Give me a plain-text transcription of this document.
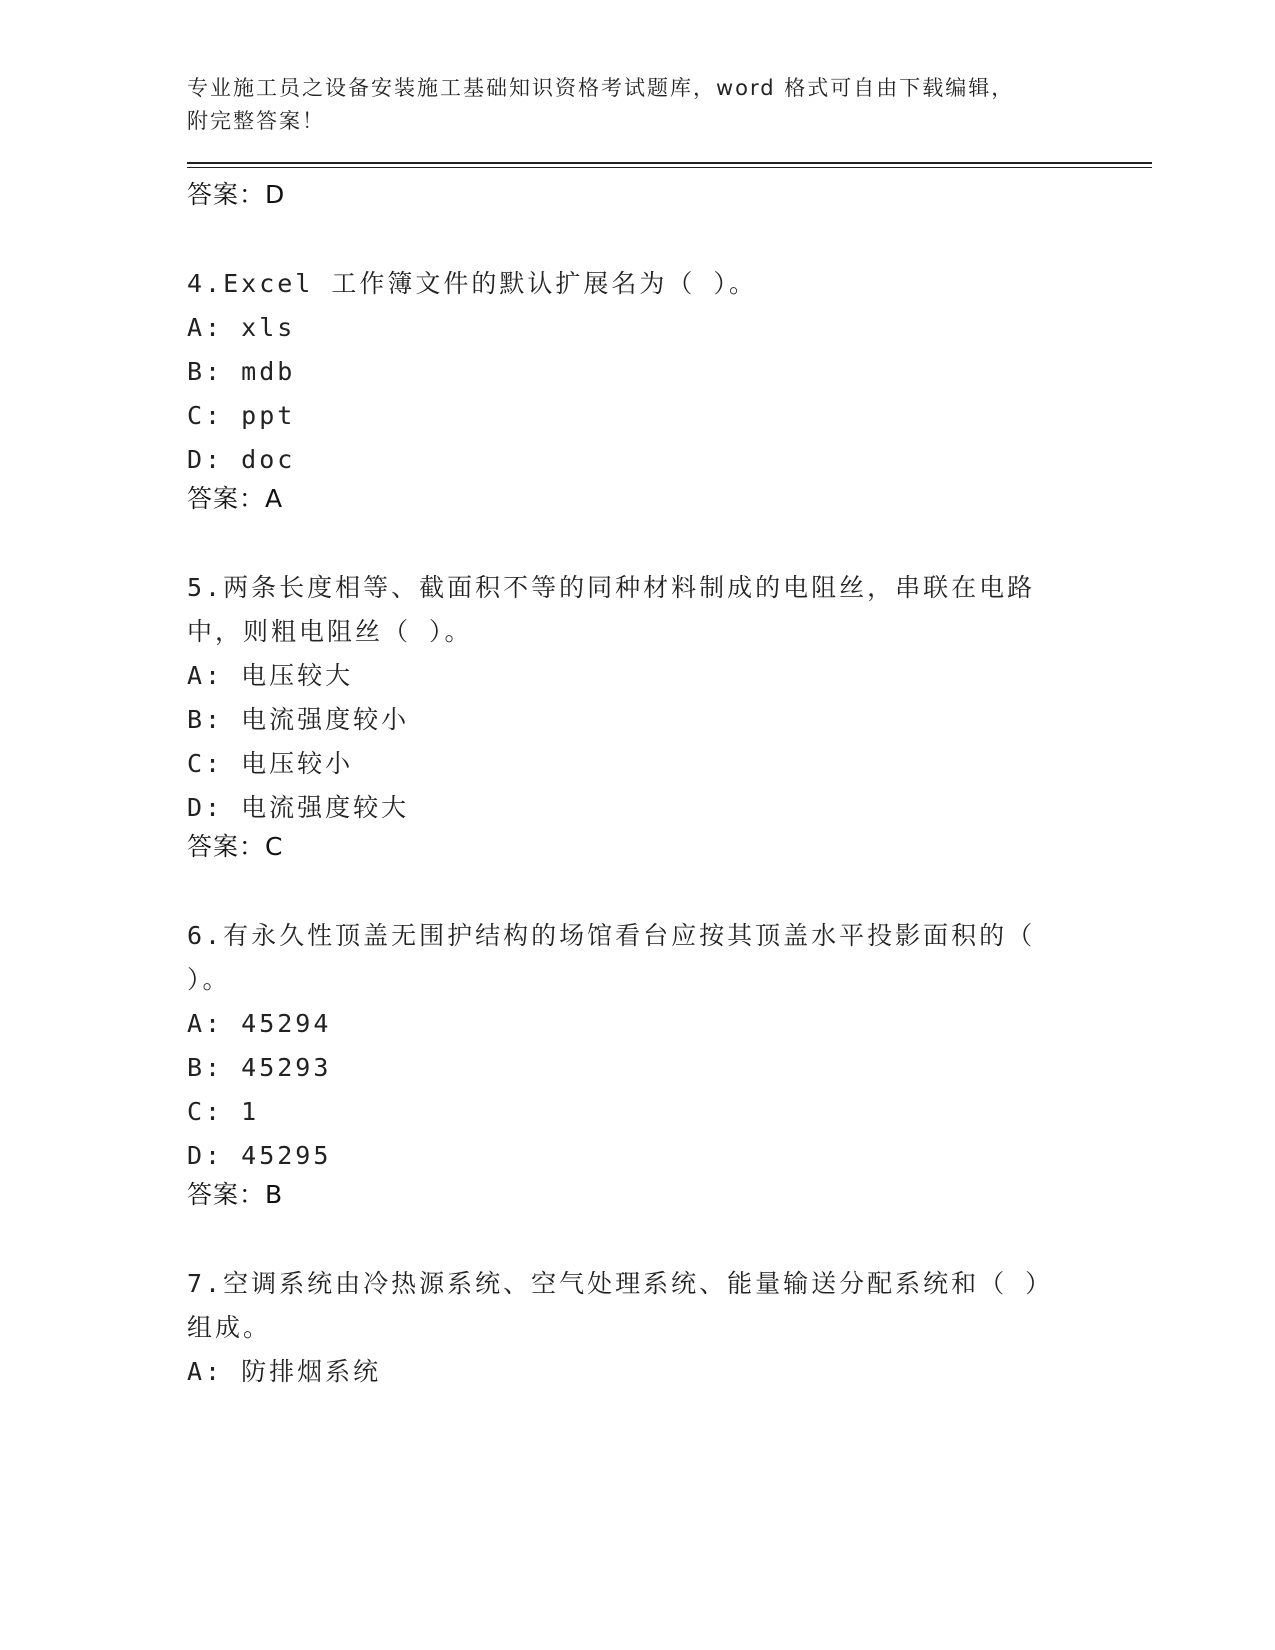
专业施工员之设备安装施工基础知识资格考试题库，word 格式可自由下载编辑，
附完整答案！
答案：D
4.Excel 工作簿文件的默认扩展名为（ ）。
A: xls
B: mdb
C: ppt
D: doc
答案：A
5.两条长度相等、截面积不等的同种材料制成的电阻丝，串联在电路
中，则粗电阻丝（ ）。
A: 电压较大
B: 电流强度较小
C: 电压较小
D: 电流强度较大
答案：C
6.有永久性顶盖无围护结构的场馆看台应按其顶盖水平投影面积的（
）。
A: 45294
B: 45293
C: 1
D: 45295
答案：B
7.空调系统由冷热源系统、空气处理系统、能量输送分配系统和（ ）
组成。
A: 防排烟系统
